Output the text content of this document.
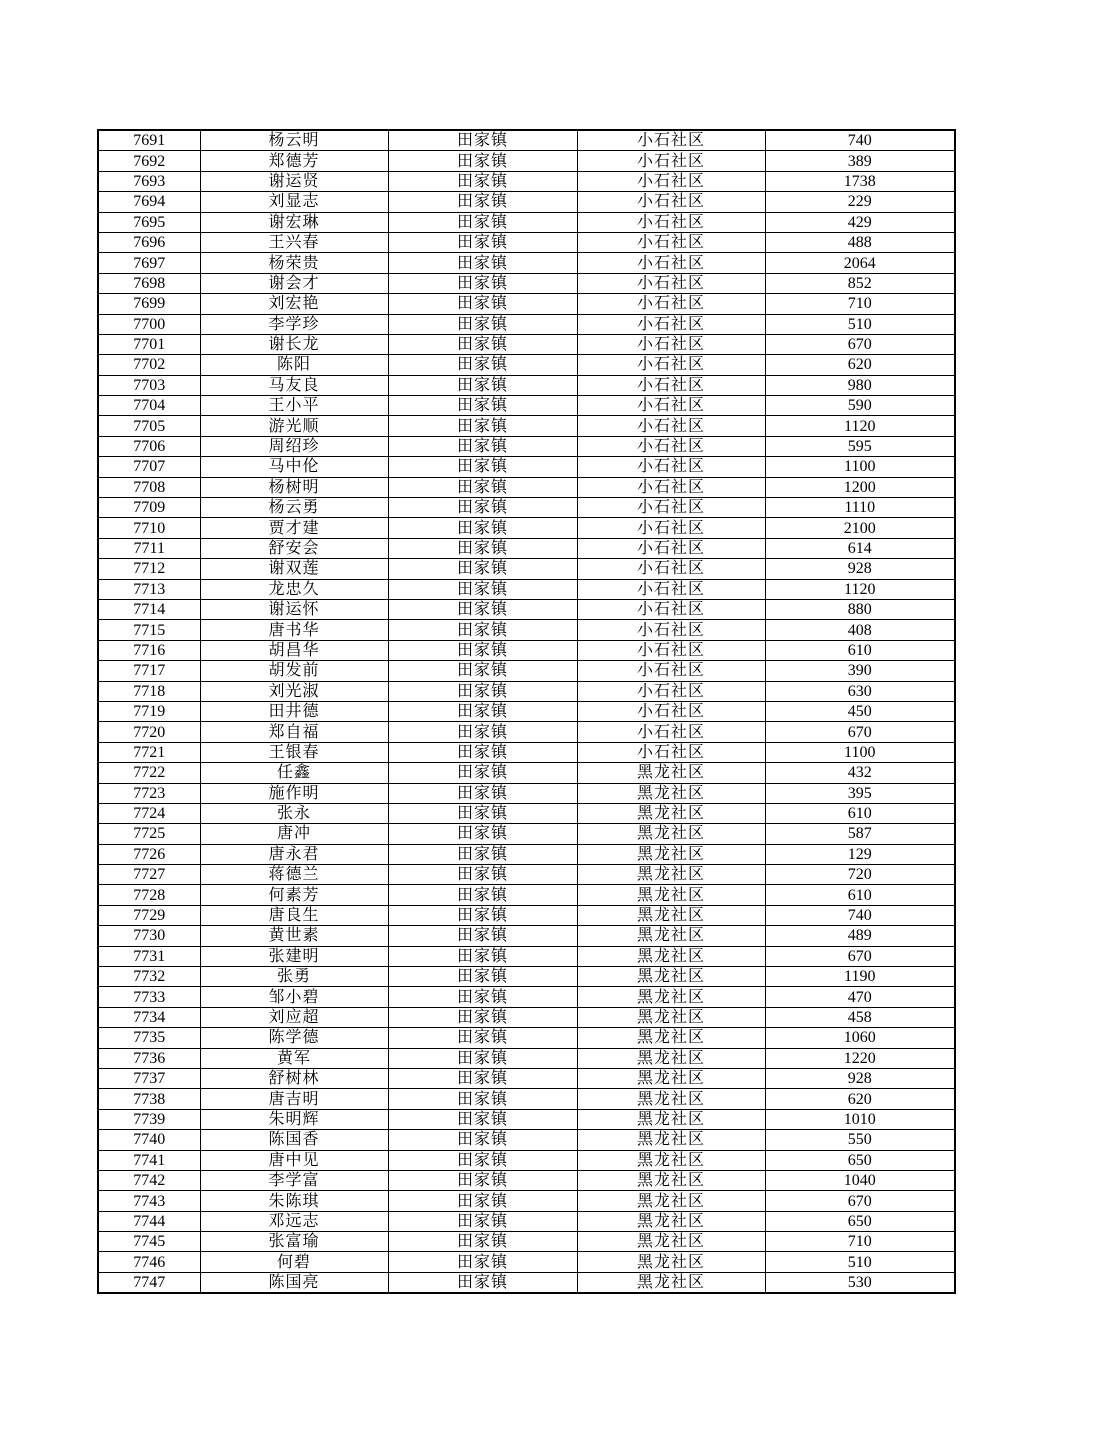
7691	杨云明	田家镇	小石社区	740
7692	郑德芳	田家镇	小石社区	389
7693	谢运贤	田家镇	小石社区	1738
7694	刘显志	田家镇	小石社区	229
7695	谢宏琳	田家镇	小石社区	429
7696	王兴春	田家镇	小石社区	488
7697	杨荣贵	田家镇	小石社区	2064
7698	谢会才	田家镇	小石社区	852
7699	刘宏艳	田家镇	小石社区	710
7700	李学珍	田家镇	小石社区	510
7701	谢长龙	田家镇	小石社区	670
7702	陈阳	田家镇	小石社区	620
7703	马友良	田家镇	小石社区	980
7704	王小平	田家镇	小石社区	590
7705	游光顺	田家镇	小石社区	1120
7706	周绍珍	田家镇	小石社区	595
7707	马中伦	田家镇	小石社区	1100
7708	杨树明	田家镇	小石社区	1200
7709	杨云勇	田家镇	小石社区	1110
7710	贾才建	田家镇	小石社区	2100
7711	舒安会	田家镇	小石社区	614
7712	谢双莲	田家镇	小石社区	928
7713	龙忠久	田家镇	小石社区	1120
7714	谢运怀	田家镇	小石社区	880
7715	唐书华	田家镇	小石社区	408
7716	胡昌华	田家镇	小石社区	610
7717	胡发前	田家镇	小石社区	390
7718	刘光淑	田家镇	小石社区	630
7719	田井德	田家镇	小石社区	450
7720	郑自福	田家镇	小石社区	670
7721	王银春	田家镇	小石社区	1100
7722	任鑫	田家镇	黑龙社区	432
7723	施作明	田家镇	黑龙社区	395
7724	张永	田家镇	黑龙社区	610
7725	唐冲	田家镇	黑龙社区	587
7726	唐永君	田家镇	黑龙社区	129
7727	蒋德兰	田家镇	黑龙社区	720
7728	何素芳	田家镇	黑龙社区	610
7729	唐良生	田家镇	黑龙社区	740
7730	黄世素	田家镇	黑龙社区	489
7731	张建明	田家镇	黑龙社区	670
7732	张勇	田家镇	黑龙社区	1190
7733	邹小碧	田家镇	黑龙社区	470
7734	刘应超	田家镇	黑龙社区	458
7735	陈学德	田家镇	黑龙社区	1060
7736	黄军	田家镇	黑龙社区	1220
7737	舒树林	田家镇	黑龙社区	928
7738	唐吉明	田家镇	黑龙社区	620
7739	朱明辉	田家镇	黑龙社区	1010
7740	陈国香	田家镇	黑龙社区	550
7741	唐中见	田家镇	黑龙社区	650
7742	李学富	田家镇	黑龙社区	1040
7743	朱陈琪	田家镇	黑龙社区	670
7744	邓远志	田家镇	黑龙社区	650
7745	张富瑜	田家镇	黑龙社区	710
7746	何碧	田家镇	黑龙社区	510
7747	陈国亮	田家镇	黑龙社区	530
